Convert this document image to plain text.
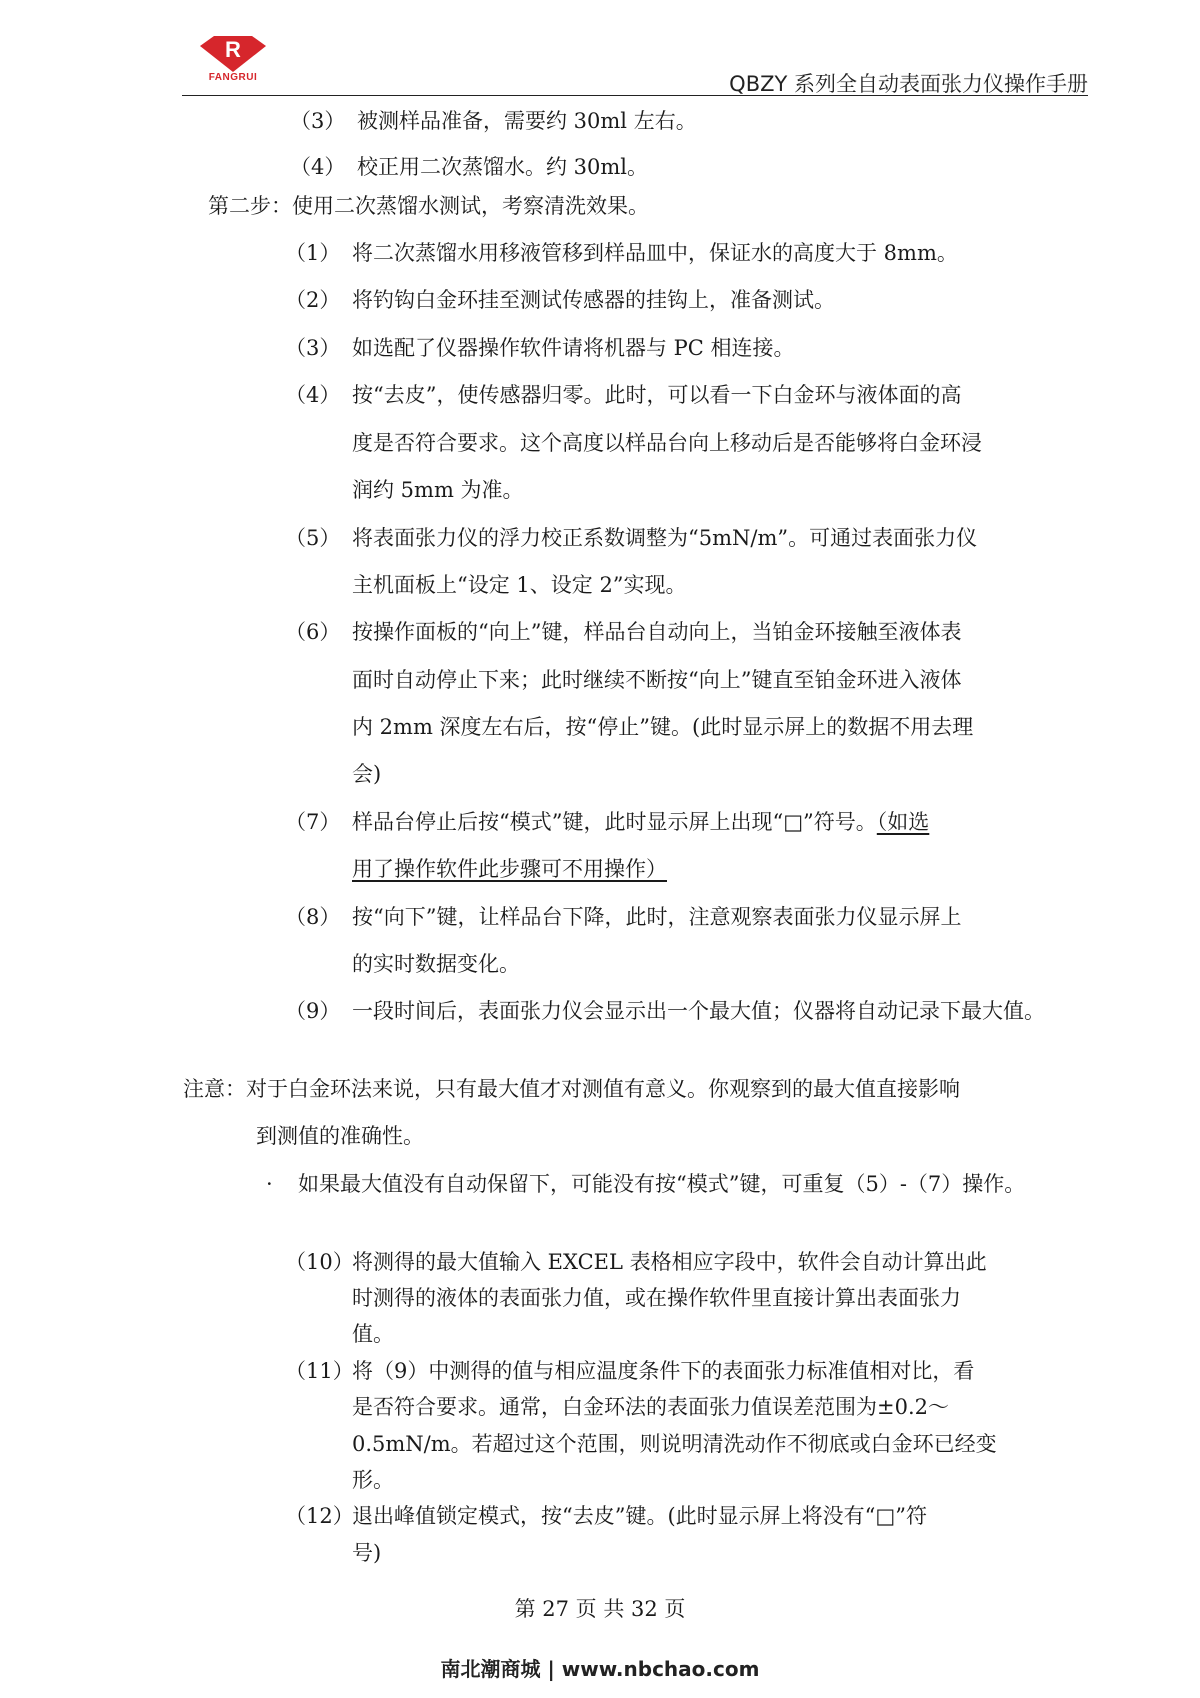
R
FANGRUI	QBZY 系列全自动表面张力仪操作手册
（3） 被测样品准备，需要约 30ml 左右。
（4） 校正用二次蒸馏水。约 30ml。
第二步：使用二次蒸馏水测试，考察清洗效果。
（1） 将二次蒸馏水用移液管移到样品皿中，保证水的高度大于 8mm。
（2） 将钓钩白金环挂至测试传感器的挂钩上，准备测试。
（3） 如选配了仪器操作软件请将机器与 PC 相连接。
（4） 按“去皮”，使传感器归零。此时，可以看一下白金环与液体面的高
度是否符合要求。这个高度以样品台向上移动后是否能够将白金环浸
润约 5mm 为准。
（5） 将表面张力仪的浮力校正系数调整为“5mN/m”。可通过表面张力仪
主机面板上“设定 1、设定 2”实现。
（6） 按操作面板的“向上”键，样品台自动向上，当铂金环接触至液体表
面时自动停止下来；此时继续不断按“向上”键直至铂金环进入液体
内 2mm 深度左右后，按“停止”键。(此时显示屏上的数据不用去理
会)
（7） 样品台停止后按“模式”键，此时显示屏上出现“□”符号。（如选
用了操作软件此步骤可不用操作）
（8） 按“向下”键，让样品台下降，此时，注意观察表面张力仪显示屏上
的实时数据变化。
（9） 一段时间后，表面张力仪会显示出一个最大值；仪器将自动记录下最大值。
注意：对于白金环法来说，只有最大值才对测值有意义。你观察到的最大值直接影响
到测值的准确性。
· 如果最大值没有自动保留下，可能没有按“模式”键，可重复（5）-（7）操作。
（10）
将测得的最大值输入 EXCEL 表格相应字段中，软件会自动计算出此
时测得的液体的表面张力值，或在操作软件里直接计算出表面张力
值。
（11）
将（9）中测得的值与相应温度条件下的表面张力标准值相对比，看
是否符合要求。通常，白金环法的表面张力值误差范围为±0.2～
0.5mN/m。若超过这个范围，则说明清洗动作不彻底或白金环已经变
形。
（12）
退出峰值锁定模式，按“去皮”键。(此时显示屏上将没有“□”符
号)
第 27 页 共 32 页
南北潮商城 | www.nbchao.com
